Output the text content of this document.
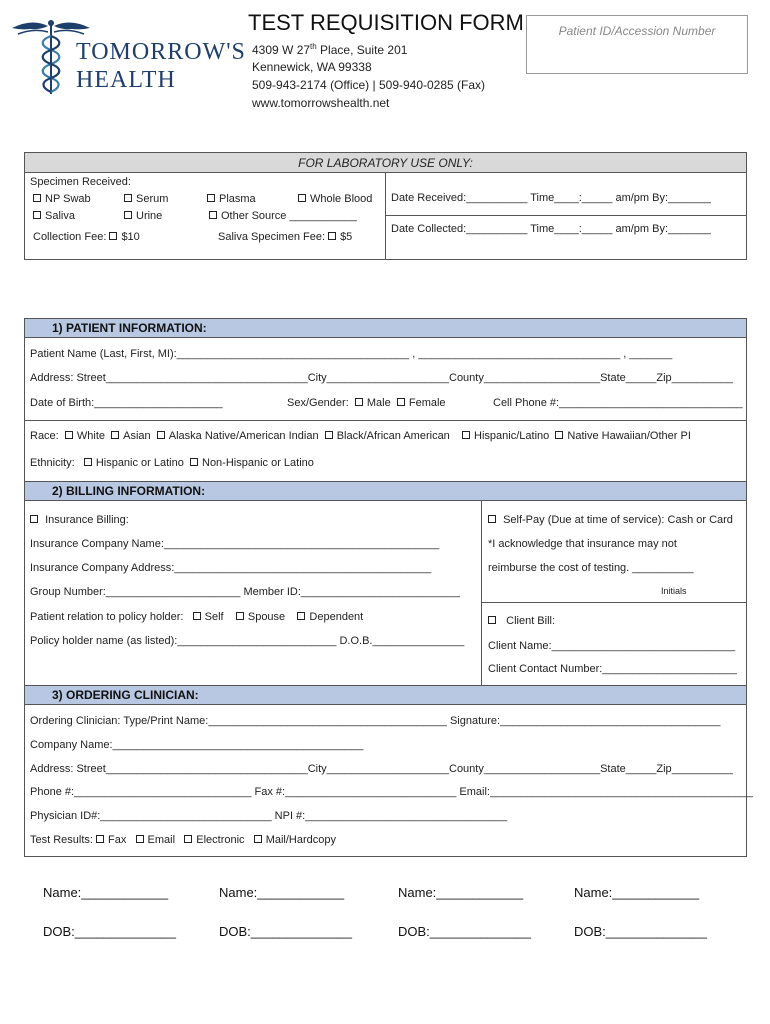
TOMORROW'S
HEALTH
TEST REQUISITION FORM
4309 W 27th Place, Suite 201
Kennewick, WA 99338
509-943-2174 (Office) | 509-940-0285 (Fax)
www.tomorrowshealth.net
Patient ID/Accession Number
FOR LABORATORY USE ONLY:
Specimen Received:
NP Swab	Serum	Plasma	Whole Blood
Saliva	Urine	Other Source ___________
Collection Fee: $10	Saliva Specimen Fee: $5
Date Received:__________ Time____:_____ am/pm By:_______
Date Collected:__________ Time____:_____ am/pm By:_______
1) PATIENT INFORMATION:
Patient Name (Last, First, MI):______________________________________ , _________________________________ , _______
Address: Street_________________________________City____________________County___________________State_____Zip__________
Date of Birth:_____________________	Sex/Gender: Male Female	Cell Phone #:______________________________
Race: White Asian Alaska Native/American Indian Black/African American Hispanic/Latino Native Hawaiian/Other PI
Ethnicity: Hispanic or Latino Non-Hispanic or Latino
2) BILLING INFORMATION:
Insurance Billing:
Insurance Company Name:_____________________________________________
Insurance Company Address:__________________________________________
Group Number:______________________ Member ID:__________________________
Patient relation to policy holder: Self Spouse Dependent
Policy holder name (as listed):__________________________ D.O.B._______________
Self-Pay (Due at time of service): Cash or Card
*I acknowledge that insurance may not
reimburse the cost of testing. __________
Initials
Client Bill:
Client Name:______________________________
Client Contact Number:______________________
3) ORDERING CLINICIAN:
Ordering Clinician: Type/Print Name:_______________________________________ Signature:____________________________________
Company Name:_________________________________________
Address: Street_________________________________City____________________County___________________State_____Zip__________
Phone #:_____________________________ Fax #:____________________________ Email:___________________________________________
Physician ID#:____________________________ NPI #:_________________________________
Test Results: Fax Email Electronic Mail/Hardcopy
Name:____________	Name:____________	Name:____________	Name:____________
DOB:______________	DOB:______________	DOB:______________	DOB:______________
